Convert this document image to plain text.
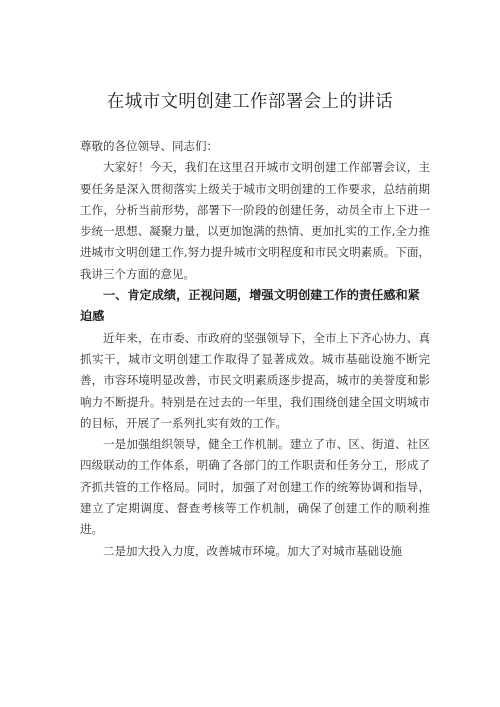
在城市文明创建工作部署会上的讲话

尊敬的各位领导、同志们：

大家好！今天，我们在这里召开城市文明创建工作部署会议，主要任务是深入贯彻落实上级关于城市文明创建的工作要求，总结前期工作，分析当前形势，部署下一阶段的创建任务，动员全市上下进一步统一思想、凝聚力量，以更加饱满的热情、更加扎实的工作,全力推进城市文明创建工作,努力提升城市文明程度和市民文明素质。下面，我讲三个方面的意见。

一、肯定成绩，正视问题，增强文明创建工作的责任感和紧迫感

近年来，在市委、市政府的坚强领导下，全市上下齐心协力、真抓实干，城市文明创建工作取得了显著成效。城市基础设施不断完善，市容环境明显改善，市民文明素质逐步提高，城市的美誉度和影响力不断提升。特别是在过去的一年里，我们围绕创建全国文明城市的目标，开展了一系列扎实有效的工作。

一是加强组织领导，健全工作机制。建立了市、区、街道、社区四级联动的工作体系，明确了各部门的工作职责和任务分工，形成了齐抓共管的工作格局。同时，加强了对创建工作的统筹协调和指导，建立了定期调度、督查考核等工作机制，确保了创建工作的顺利推进。

二是加大投入力度，改善城市环境。加大了对城市基础设施
